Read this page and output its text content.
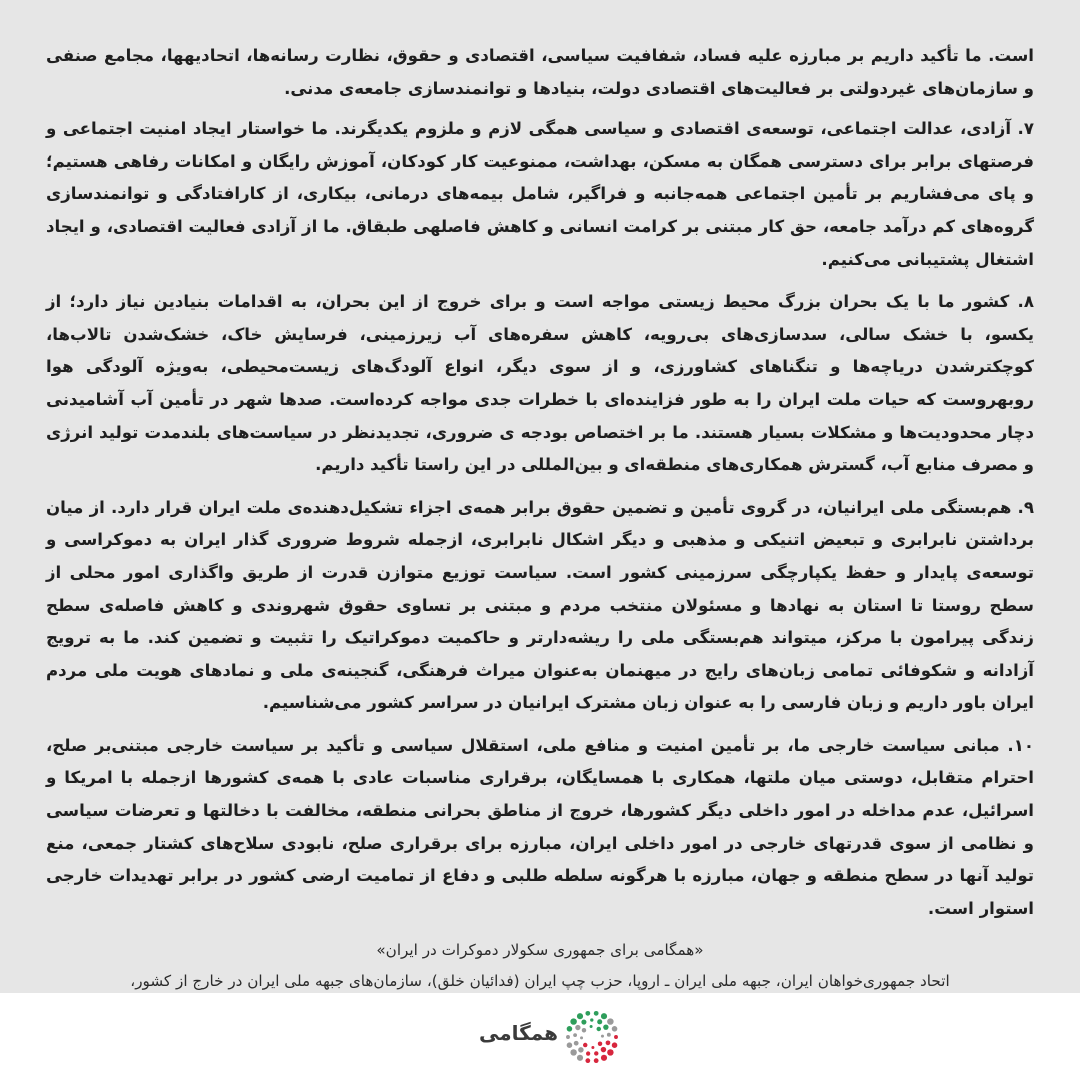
است. ما تأکید داریم بر مبارزه علیه فساد، شفافیت سیاسی، اقتصادی و حقوق، نظارت رسانه‌ها، اتحادیهها، مجامع صنفی و سازمان‌های غیردولتی بر فعالیت‌های اقتصادی دولت، بنیادها و توانمندسازی جامعه‌ی مدنی.

۷. آزادی، عدالت اجتماعی، توسعه‌ی اقتصادی و سیاسی همگی لازم و ملزوم یکدیگرند. ما خواستار ایجاد امنیت اجتماعی و فرصتهای برابر برای دسترسی همگان به مسکن، بهداشت، ممنوعیت کار کودکان، آموزش رایگان و امکانات رفاهی هستیم؛ و پای می‌فشاریم بر تأمین اجتماعی همه‌جانبه و فراگیر، شامل بیمه‌های درمانی، بیکاری، از کارافتادگی و توانمندسازی گروه‌های کم درآمد جامعه، حق کار مبتنی بر کرامت انسانی و کاهش فاصلهی طبقاق. ما از آزادی فعالیت اقتصادی، و ایجاد اشتغال پشتیبانی می‌کنیم.

۸. کشور ما با یک بحران بزرگ محیط زیستی مواجه است و برای خروج از این بحران، به اقدامات بنیادین نیاز دارد؛ از یکسو، با خشک سالی، سدسازی‌های بی‌رویه، کاهش سفره‌های آب زیرزمینی، فرسایش خاک، خشک‌شدن تالاب‌ها، کوچکترشدن دریاچه‌ها و تنگناهای کشاورزی، و از سوی دیگر، انواع آلودگ‌های زیست‌محیطی، به‌ویژه آلودگی هوا روبهروست که حیات ملت ایران را به طور فزاینده‌ای با خطرات جدی مواجه کرده‌است. صدها شهر در تأمین آب آشامیدنی دچار محدودیت‌ها و مشکلات بسیار هستند. ما بر اختصاص بودجه ی ضروری، تجدیدنظر در سیاست‌های بلندمدت تولید انرژی و مصرف منابع آب، گسترش همکاری‌های منطقه‌ای و بین‌المللی در این راستا تأکید داریم.

۹. هم‌بستگی ملی ایرانیان، در گروی تأمین و تضمین حقوق برابر همه‌ی اجزاء تشکیل‌دهنده‌ی ملت ایران قرار دارد. از میان برداشتن نابرابری و تبعیض اتنیکی و مذهبی و دیگر اشکال نابرابری، ازجمله شروط ضروری گذار ایران به دموکراسی و توسعه‌ی پایدار و حفظ یکپارچگی سرزمینی کشور است. سیاست توزیع متوازن قدرت از طریق واگذاری امور محلی از سطح روستا تا استان به نهادها و مسئولان منتخب مردم و مبتنی بر تساوی حقوق شهروندی و کاهش فاصله‌ی سطح زندگی پیرامون با مرکز، میتواند هم‌بستگی ملی را ریشه‌دارتر و حاکمیت دموکراتیک را تثبیت و تضمین کند. ما به ترویج آزادانه و شکوفائی تمامی زبان‌های رایج در میهنمان به‌عنوان میراث فرهنگی، گنجینه‌ی ملی و نمادهای هویت ملی مردم ایران باور داریم و زبان فارسی را به عنوان زبان مشترک ایرانیان در سراسر کشور می‌شناسیم.

۱۰. مبانی سیاست خارجی ما، بر تأمین امنیت و منافع ملی، استقلال سیاسی و تأکید بر سیاست خارجی مبتنی‌بر صلح، احترام متقابل، دوستی میان ملتها، همکاری با همسایگان، برقراری مناسبات عادی با همه‌ی کشورها ازجمله با امریکا و اسرائیل، عدم مداخله در امور داخلی دیگر کشورها، خروج از مناطق بحرانی منطقه، مخالفت با دخالتها و تعرضات سیاسی و نظامی از سوی قدرتهای خارجی در امور داخلی ایران، مبارزه برای برقراری صلح، نابودی سلاح‌های کشتار جمعی، منع تولید آنها در سطح منطقه و جهان، مبارزه با هرگونه سلطه طلبی و دفاع از تمامیت ارضی کشور در برابر تهدیدات خارجی استوار است.

«همگامی برای جمهوری سکولار دموکرات در ایران»
اتحاد جمهوری‌خواهان ایران، جبهه ملی ایران ـ اروپا، حزب چپ ایران (فدائیان خلق)، سازمان‌های جبهه ملی ایران در خارج از کشور،
همگامی
